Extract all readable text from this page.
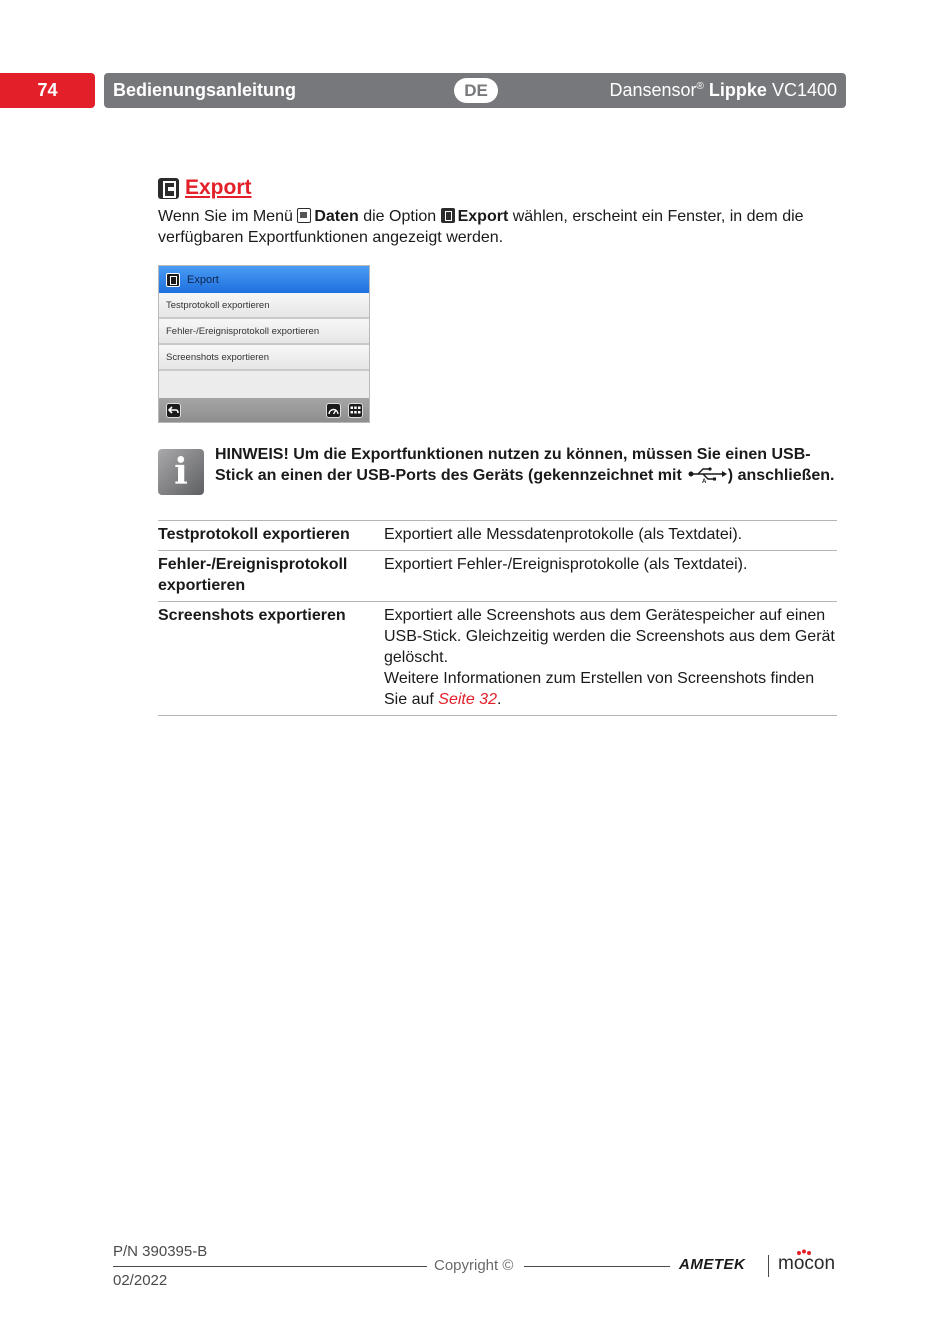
74	Bedienungsanleitung	DE	Dansensor® Lippke VC1400
Export

Wenn Sie im Menü Daten die Option Export wählen, erscheint ein Fenster, in dem die verfügbaren Exportfunktionen angezeigt werden.

Export
Testprotokoll exportieren
Fehler-/Ereignisprotokoll exportieren
Screenshots exportieren
i	HINWEIS! Um die Exportfunktionen nutzen zu können, müssen Sie einen USB-Stick an einen der USB-Ports des Geräts (gekennzeichnet mit	A ) anschließen.

Testprotokoll exportieren	Exportiert alle Messdatenprotokolle (als Textdatei).
Fehler-/Ereignisprotokoll exportieren	Exportiert Fehler-/Ereignisprotokolle (als Textdatei).
Screenshots exportieren	Exportiert alle Screenshots aus dem Gerätespeicher auf einen USB-Stick. Gleichzeitig werden die Screenshots aus dem Gerät gelöscht.
Weitere Informationen zum Erstellen von Screenshots finden Sie auf Seite 32.
P/N 390395-B
Copyright ©
02/2022
AMETEK mocon
